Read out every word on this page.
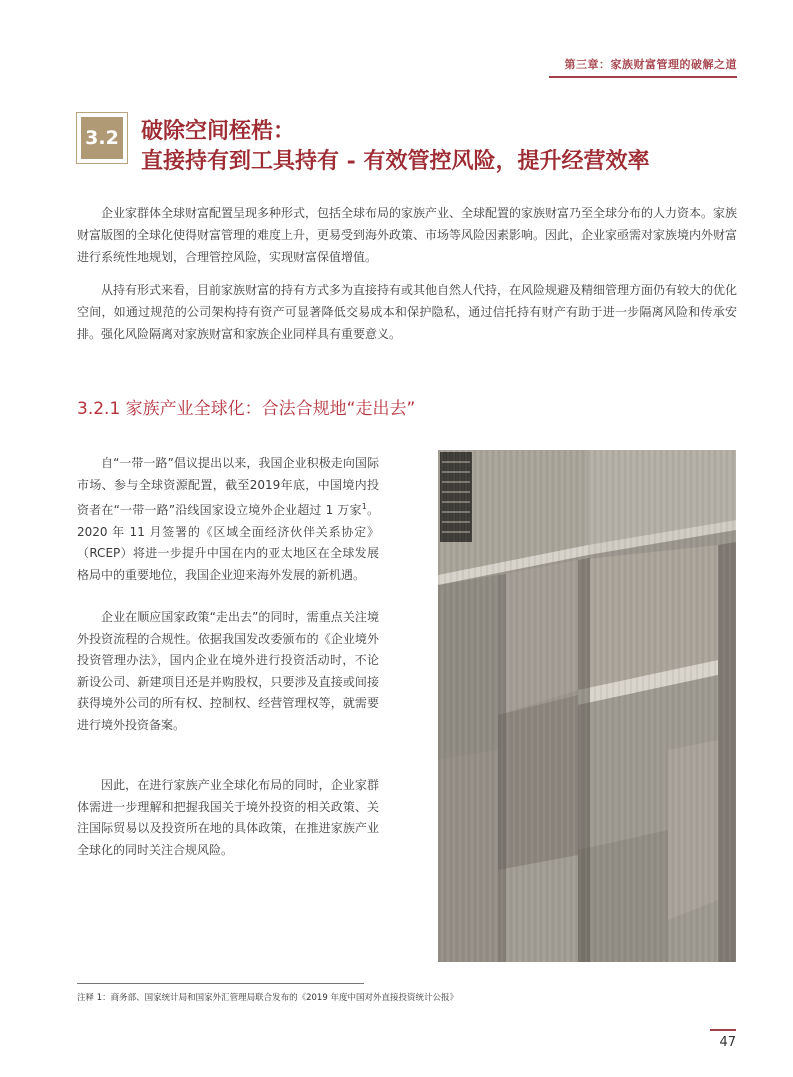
第三章：家族财富管理的破解之道
3.2 破除空间桎梏：
直接持有到工具持有 - 有效管控风险，提升经营效率

企业家群体全球财富配置呈现多种形式，包括全球布局的家族产业、全球配置的家族财富乃至全球分布的人力资本。家族财富版图的全球化使得财富管理的难度上升，更易受到海外政策、市场等风险因素影响。因此，企业家亟需对家族境内外财富进行系统性地规划，合理管控风险，实现财富保值增值。

从持有形式来看，目前家族财富的持有方式多为直接持有或其他自然人代持，在风险规避及精细管理方面仍有较大的优化空间，如通过规范的公司架构持有资产可显著降低交易成本和保护隐私，通过信托持有财产有助于进一步隔离风险和传承安排。强化风险隔离对家族财富和家族企业同样具有重要意义。

3.2.1 家族产业全球化：合法合规地“走出去”

自“一带一路”倡议提出以来，我国企业积极走向国际市场、参与全球资源配置，截至2019年底，中国境内投资者在“一带一路”沿线国家设立境外企业超过 1 万家$^1$。2020 年 11 月签署的《区域全面经济伙伴关系协定》（RCEP）将进一步提升中国在内的亚太地区在全球发展格局中的重要地位，我国企业迎来海外发展的新机遇。

企业在顺应国家政策“走出去”的同时，需重点关注境外投资流程的合规性。依据我国发改委颁布的《企业境外投资管理办法》，国内企业在境外进行投资活动时，不论新设公司、新建项目还是并购股权，只要涉及直接或间接获得境外公司的所有权、控制权、经营管理权等，就需要进行境外投资备案。

因此，在进行家族产业全球化布局的同时，企业家群体需进一步理解和把握我国关于境外投资的相关政策、关注国际贸易以及投资所在地的具体政策，在推进家族产业全球化的同时关注合规风险。

注释 1：商务部、国家统计局和国家外汇管理局联合发布的《2019 年度中国对外直接投资统计公报》
47
